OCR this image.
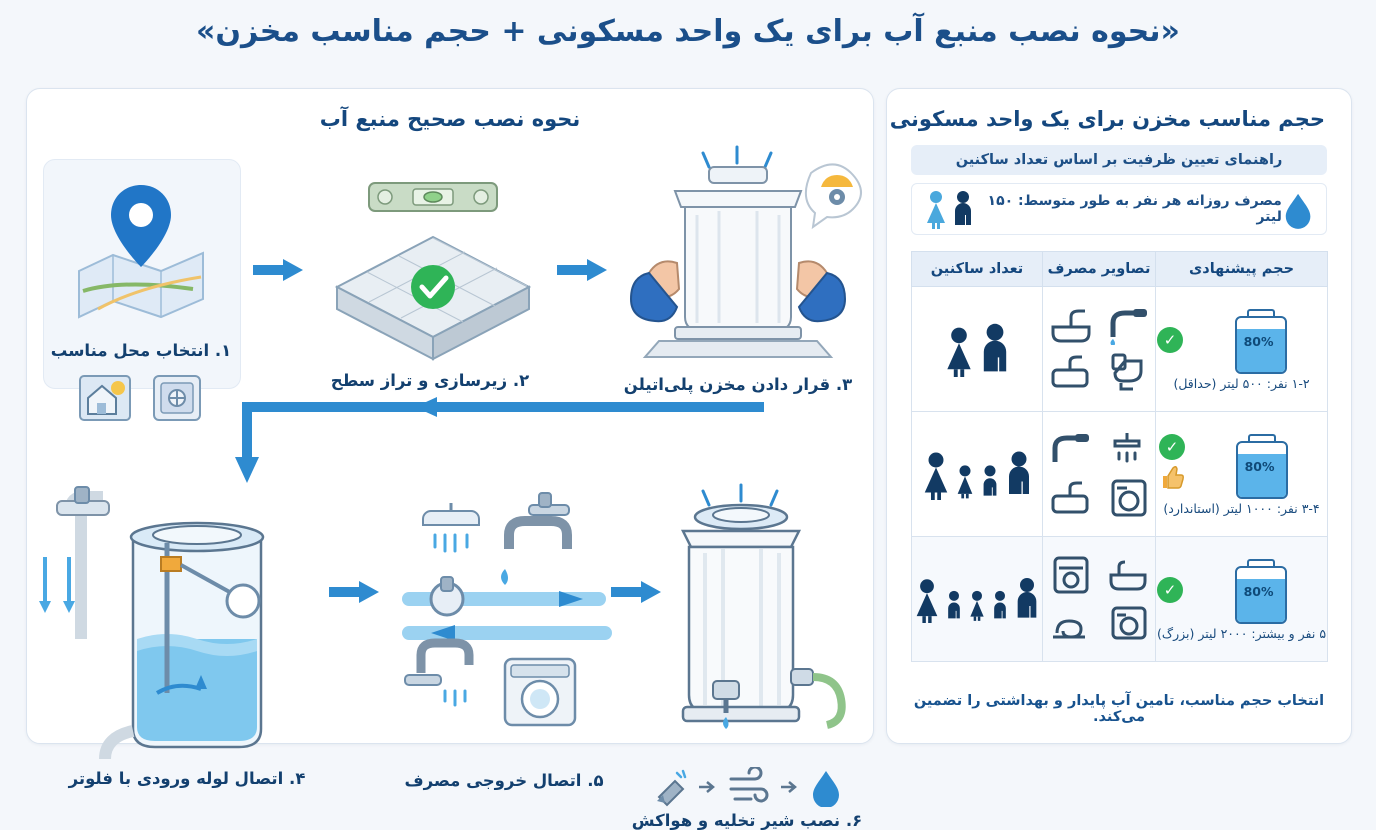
«نحوه نصب منبع آب برای یک واحد مسکونی + حجم مناسب مخزن»
نحوه نصب صحیح منبع آب
۱. انتخاب محل مناسب
۲. زیرسازی و تراز سطح	۳. قرار دادن مخزن پلی‌اتیلن
۴. اتصال لوله ورودی با فلوتر	۵. اتصال خروجی مصرف
۶. نصب شیر تخلیه و هواکش
حجم مناسب مخزن برای یک واحد مسکونی
راهنمای تعیین ظرفیت بر اساس تعداد ساکنین
مصرف روزانه هر نفر به طور متوسط: ۱۵۰ لیتر
حجم پیشنهادی	تصاویر مصرف	تعداد ساکنین

80%
✓
۱-۲ نفر: ۵۰۰ لیتر (حداقل)

80%
✓
۳-۴ نفر: ۱۰۰۰ لیتر (استاندارد)

80%
✓
۵ نفر و بیشتر: ۲۰۰۰ لیتر (بزرگ)

انتخاب حجم مناسب، تامین آب پایدار و بهداشتی را تضمین می‌کند.
